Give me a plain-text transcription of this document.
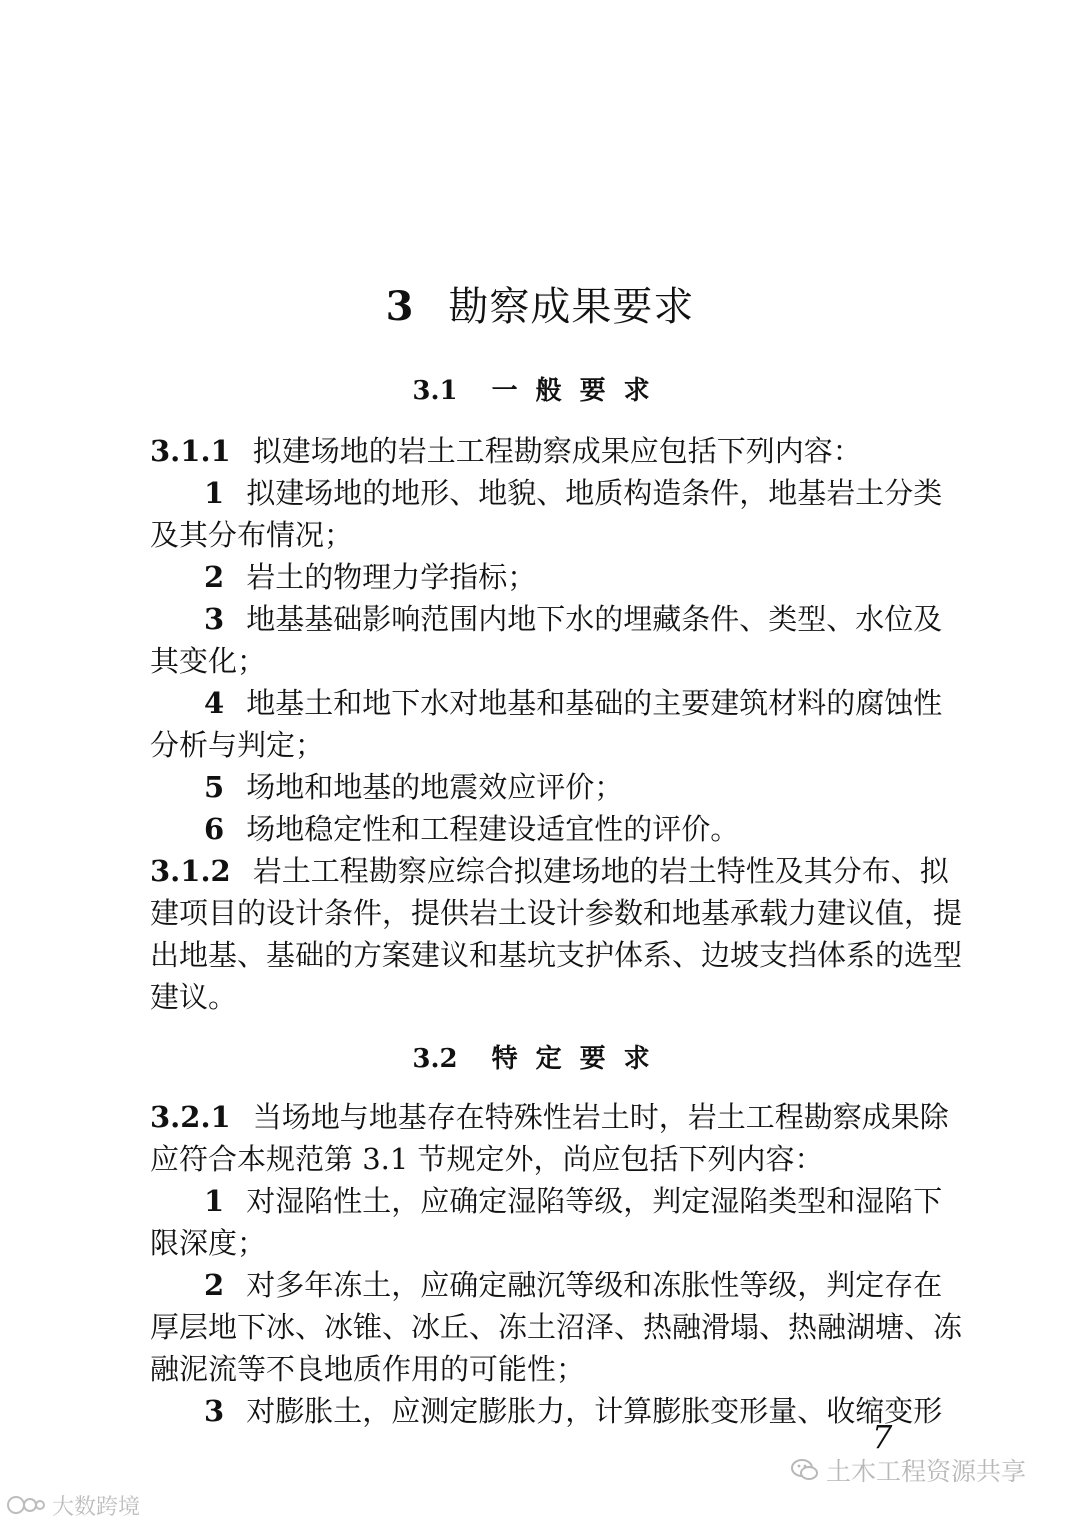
3 勘察成果要求
3.1 一般要求
3.2 特定要求
3.1.1 拟建场地的岩土工程勘察成果应包括下列内容：
1 拟建场地的地形、地貌、地质构造条件，地基岩土分类
及其分布情况；
2 岩土的物理力学指标；
3 地基基础影响范围内地下水的埋藏条件、类型、水位及
其变化；
4 地基土和地下水对地基和基础的主要建筑材料的腐蚀性
分析与判定；
5 场地和地基的地震效应评价；
6 场地稳定性和工程建设适宜性的评价。
3.1.2 岩土工程勘察应综合拟建场地的岩土特性及其分布、拟
建项目的设计条件，提供岩土设计参数和地基承载力建议值，提
出地基、基础的方案建议和基坑支护体系、边坡支挡体系的选型
建议。
3.2.1 当场地与地基存在特殊性岩土时，岩土工程勘察成果除
应符合本规范第 3.1 节规定外，尚应包括下列内容：
1 对湿陷性土，应确定湿陷等级，判定湿陷类型和湿陷下
限深度；
2 对多年冻土，应确定融沉等级和冻胀性等级，判定存在
厚层地下冰、冰锥、冰丘、冻土沼泽、热融滑塌、热融湖塘、冻
融泥流等不良地质作用的可能性；
3 对膨胀土，应测定膨胀力，计算膨胀变形量、收缩变形
7
大数跨境
土木工程资源共享
